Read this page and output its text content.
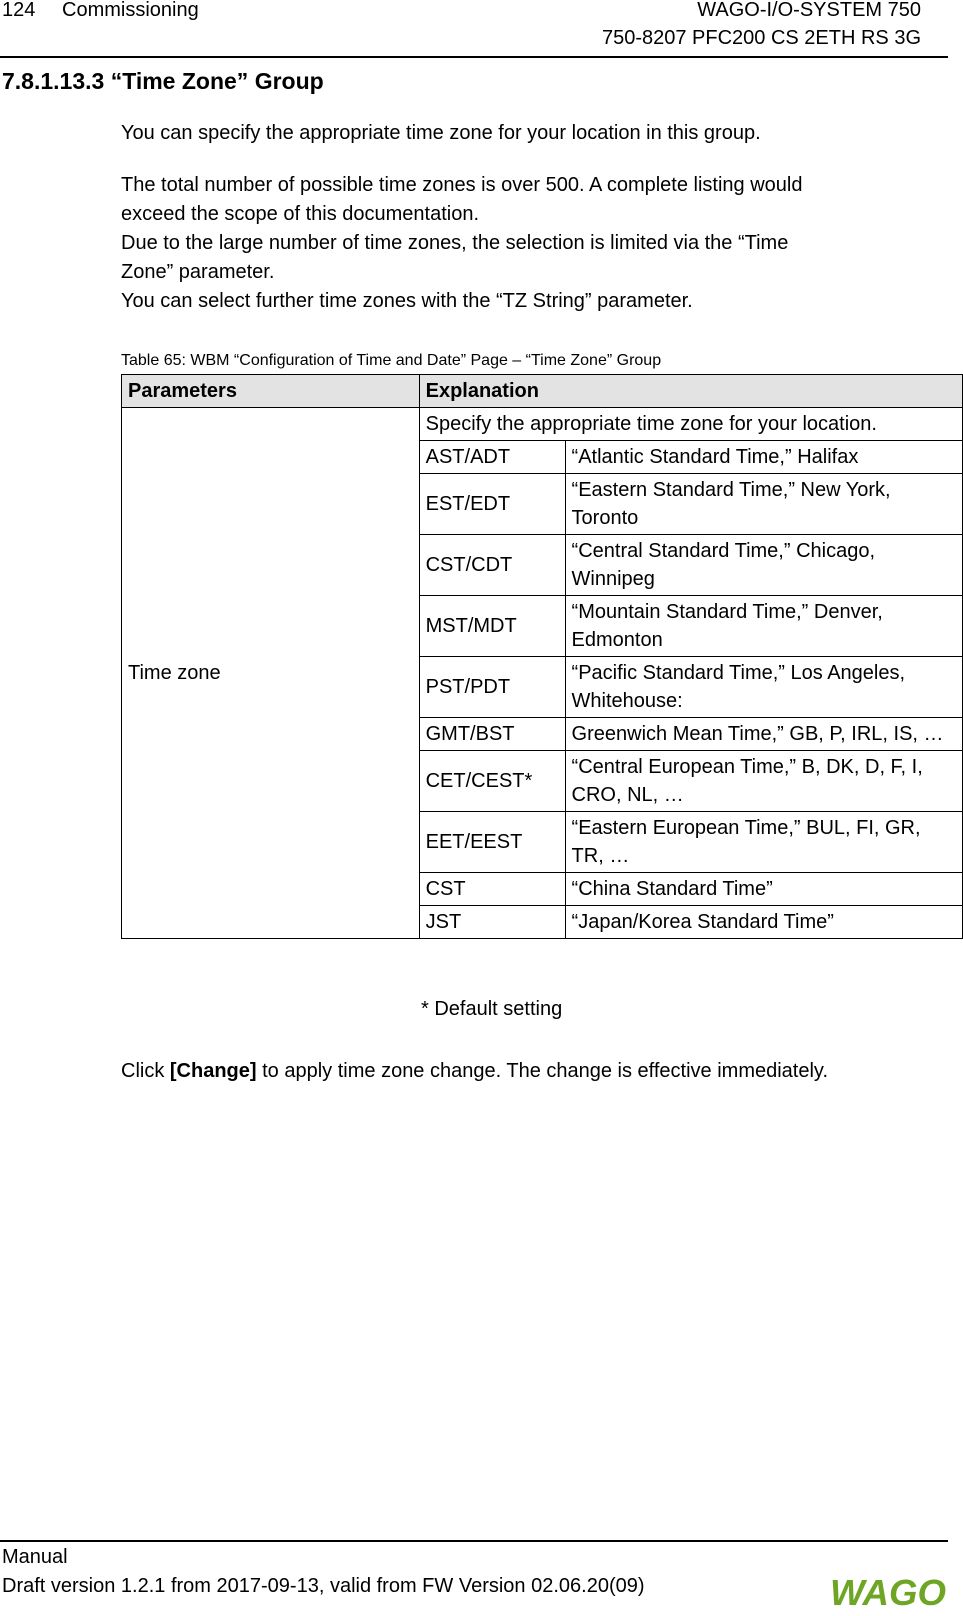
124 Commissioning	WAGO-I/O-SYSTEM 750
750-8207 PFC200 CS 2ETH RS 3G
7.8.1.13.3 “Time Zone” Group
You can specify the appropriate time zone for your location in this group.
The total number of possible time zones is over 500. A complete listing would
exceed the scope of this documentation.
Due to the large number of time zones, the selection is limited via the “Time
Zone” parameter.
You can select further time zones with the “TZ String” parameter.
Table 65: WBM “Configuration of Time and Date” Page – “Time Zone” Group
Parameters	Explanation	
Time zone	Specify the appropriate time zone for your location.	
	AST/ADT	“Atlantic Standard Time,” Halifax
	EST/EDT	“Eastern Standard Time,” New York, Toronto
	CST/CDT	“Central Standard Time,” Chicago, Winnipeg
	MST/MDT	“Mountain Standard Time,” Denver, Edmonton
	PST/PDT	“Pacific Standard Time,” Los Angeles, Whitehouse:
	GMT/BST	Greenwich Mean Time,” GB, P, IRL, IS, …
	CET/CEST*	“Central European Time,” B, DK, D, F, I, CRO, NL, …
	EET/EEST	“Eastern European Time,” BUL, FI, GR, TR, …
	CST	“China Standard Time”
	JST	“Japan/Korea Standard Time”
* Default setting
Click [Change] to apply time zone change. The change is effective immediately.
Manual
Draft version 1.2.1 from 2017-09-13, valid from FW Version 02.06.20(09)	WAGO
